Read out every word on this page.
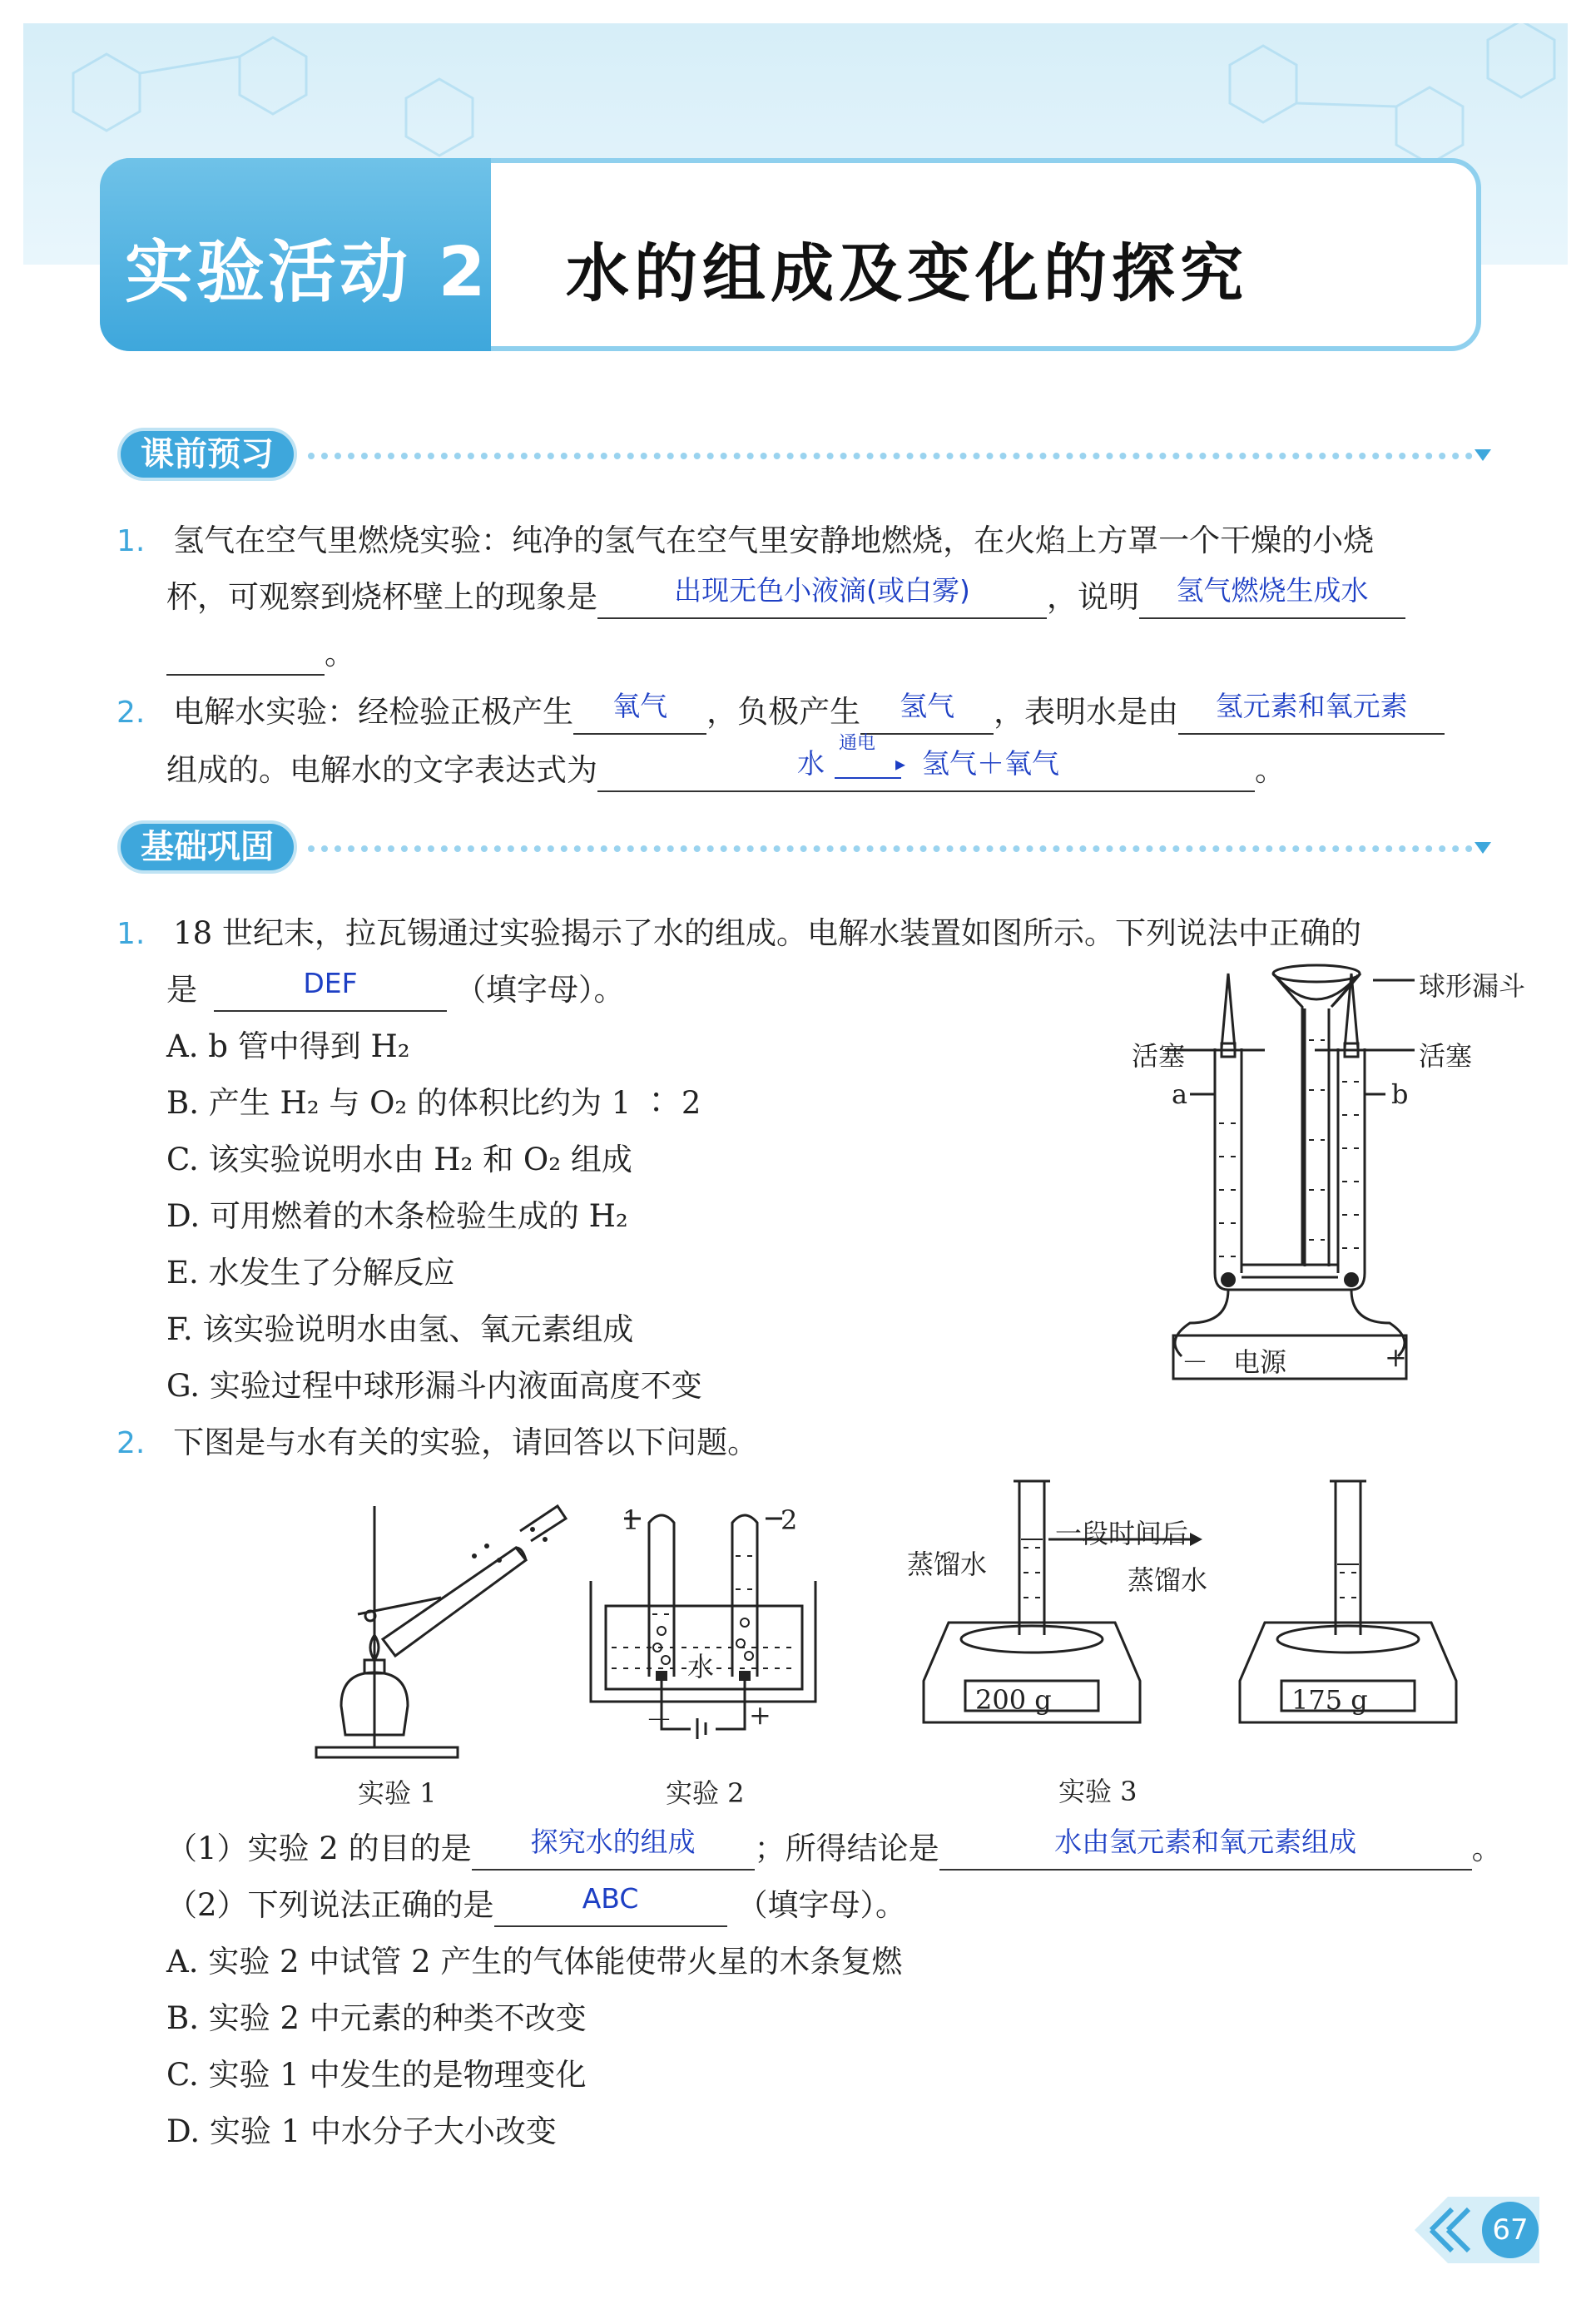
实验活动 2 水的组成及变化的探究
课前预习
1. 氢气在空气里燃烧实验：纯净的氢气在空气里安静地燃烧，在火焰上方罩一个干燥的小烧
杯，可观察到烧杯壁上的现象是	出现无色小液滴(或白雾)	，说明	氢气燃烧生成水
。
2. 电解水实验：经检验正极产生	氧气	，负极产生	氢气	，表明水是由	氢元素和氧元素
组成的。电解水的文字表达式为	水
通电
▸ 氢气＋氧气	。
基础巩固
1. 18 世纪末，拉瓦锡通过实验揭示了水的组成。电解水装置如图所示。下列说法中正确的
是	DEF	（填字母）。
A. b 管中得到 H₂
B. 产生 H₂ 与 O₂ 的体积比约为 1 ∶ 2
C. 该实验说明水由 H₂ 和 O₂ 组成
D. 可用燃着的木条检验生成的 H₂
E. 水发生了分解反应
F. 该实验说明水由氢、氧元素组成
G. 实验过程中球形漏斗内液面高度不变
球形漏斗
活塞	活塞
a	b
－ 电源	+
2. 下图是与水有关的实验，请回答以下问题。
实验 1
1	2
水
－	+
实验 2
蒸馏水
一段时间后
蒸馏水
200 g	175 g
实验 3
（1）实验 2 的目的是	探究水的组成	；所得结论是	水由氢元素和氧元素组成	。
（2）下列说法正确的是	ABC	（填字母）。
A. 实验 2 中试管 2 产生的气体能使带火星的木条复燃
B. 实验 2 中元素的种类不改变
C. 实验 1 中发生的是物理变化
D. 实验 1 中水分子大小改变
67
